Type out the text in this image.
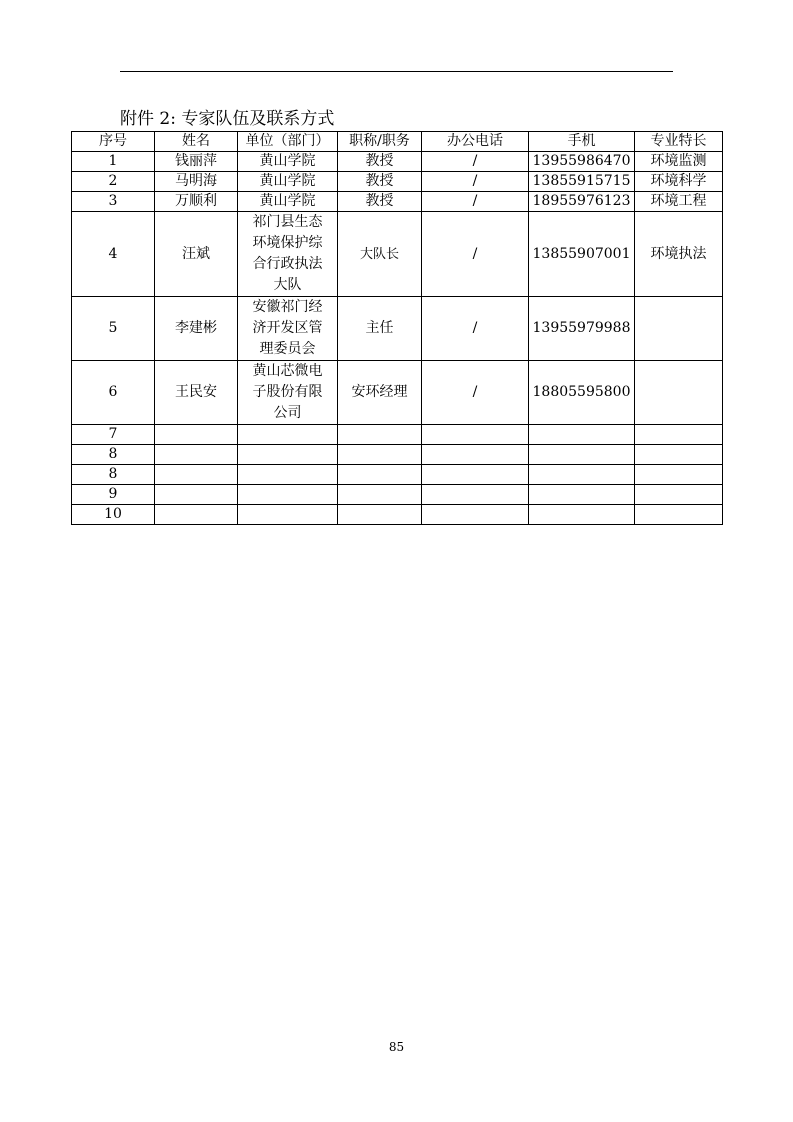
附件 2: 专家队伍及联系方式
序号	姓名	单位（部门）	职称/职务	办公电话	手机	专业特长
1	钱丽萍	黄山学院	教授	/	13955986470	环境监测
2	马明海	黄山学院	教授	/	13855915715	环境科学
3	万顺利	黄山学院	教授	/	18955976123	环境工程
4	汪斌	祁门县生态
环境保护综
合行政执法
大队	大队长	/	13855907001	环境执法
5	李建彬	安徽祁门经
济开发区管
理委员会	主任	/	13955979988	
6	王民安	黄山芯微电
子股份有限
公司	安环经理	/	18805595800	
7						
8						
8						
9						
10						
85
